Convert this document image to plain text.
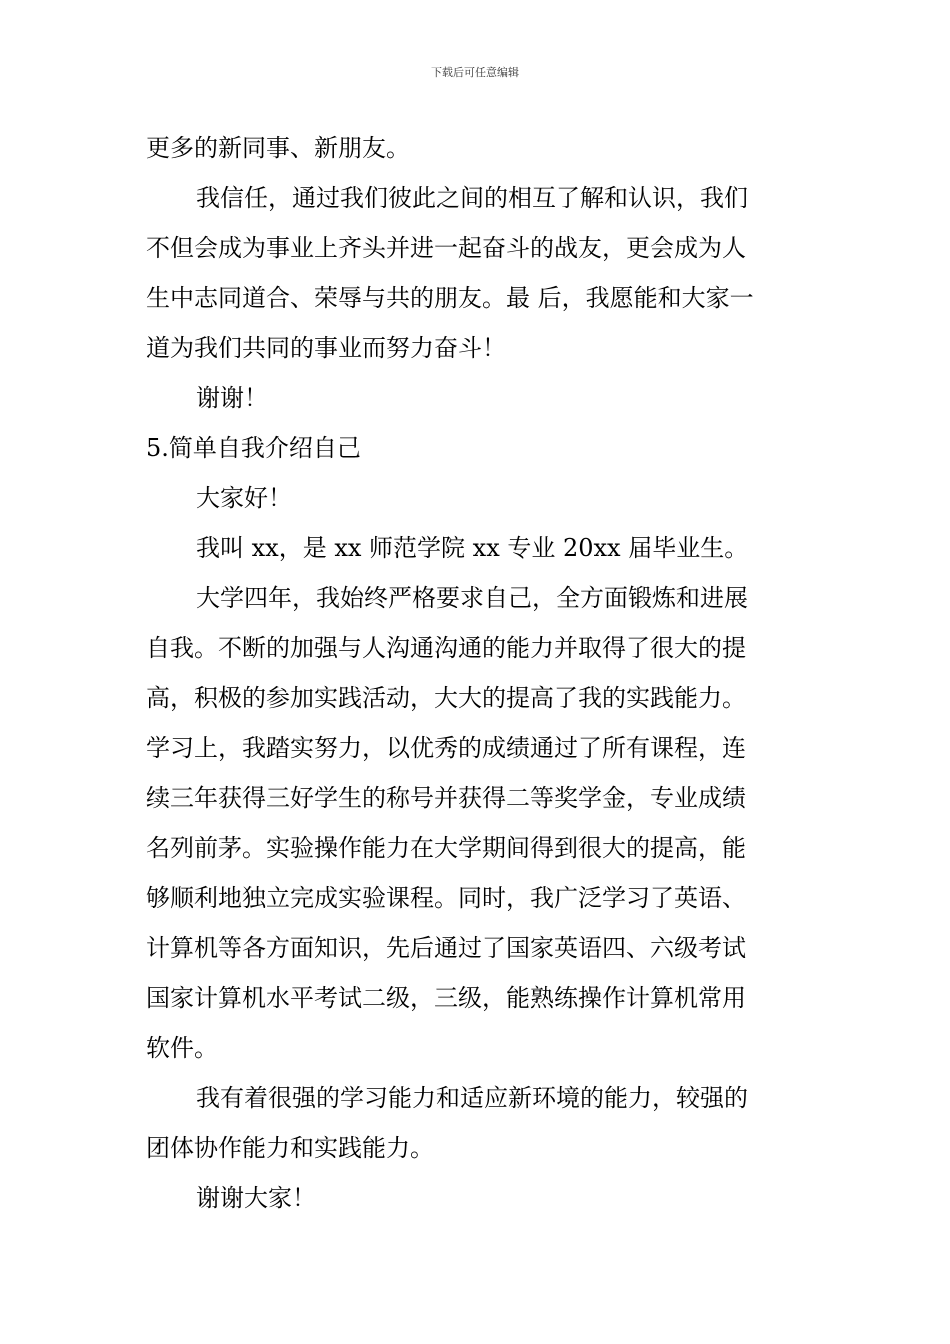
下载后可任意编辑

更多的新同事、新朋友。

我信任，通过我们彼此之间的相互了解和认识，我们

不但会成为事业上齐头并进一起奋斗的战友，更会成为人

生中志同道合、荣辱与共的朋友。最 后，我愿能和大家一

道为我们共同的事业而努力奋斗！

谢谢！

5.简单自我介绍自己

大家好！

我叫 xx，是 xx 师范学院 xx 专业 20xx 届毕业生。

大学四年，我始终严格要求自己，全方面锻炼和进展

自我。不断的加强与人沟通沟通的能力并取得了很大的提

高，积极的参加实践活动，大大的提高了我的实践能力。

学习上，我踏实努力，以优秀的成绩通过了所有课程，连

续三年获得三好学生的称号并获得二等奖学金，专业成绩

名列前茅。实验操作能力在大学期间得到很大的提高，能

够顺利地独立完成实验课程。同时，我广泛学习了英语、

计算机等各方面知识，先后通过了国家英语四、六级考试

国家计算机水平考试二级，三级，能熟练操作计算机常用

软件。

我有着很强的学习能力和适应新环境的能力，较强的

团体协作能力和实践能力。

谢谢大家！
